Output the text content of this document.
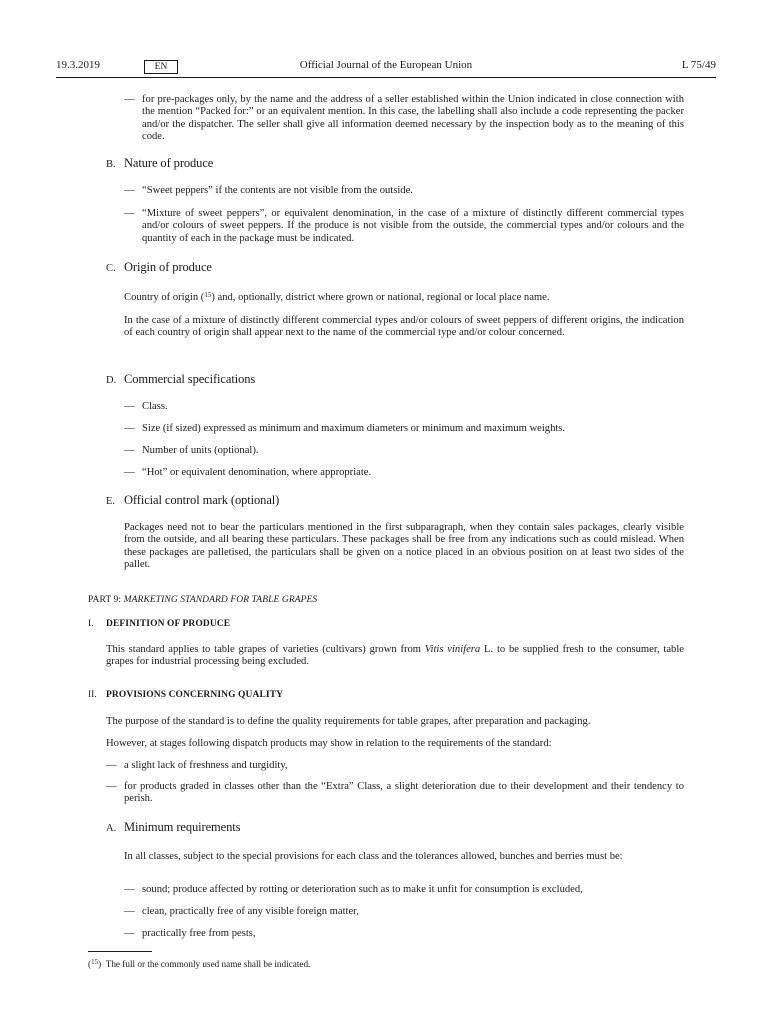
19.3.2019	EN	Official Journal of the European Union	L 75/49
— for pre-packages only, by the name and the address of a seller established within the Union indicated in close connection with the mention “Packed for:” or an equivalent mention. In this case, the labelling shall also include a code representing the packer and/or the dispatcher. The seller shall give all information deemed necessary by the inspection body as to the meaning of this code.
B. Nature of produce
— “Sweet peppers” if the contents are not visible from the outside.
— “Mixture of sweet peppers”, or equivalent denomination, in the case of a mixture of distinctly different commercial types and/or colours of sweet peppers. If the produce is not visible from the outside, the commercial types and/or colours and the quantity of each in the package must be indicated.
C. Origin of produce
Country of origin ($^{15}$) and, optionally, district where grown or national, regional or local place name.
In the case of a mixture of distinctly different commercial types and/or colours of sweet peppers of different origins, the indication of each country of origin shall appear next to the name of the commercial type and/or colour concerned.
D. Commercial specifications
— Class.
— Size (if sized) expressed as minimum and maximum diameters or minimum and maximum weights.
— Number of units (optional).
— “Hot” or equivalent denomination, where appropriate.
E. Official control mark (optional)
Packages need not to bear the particulars mentioned in the first subparagraph, when they contain sales packages, clearly visible from the outside, and all bearing these particulars. These packages shall be free from any indications such as could mislead. When these packages are palletised, the particulars shall be given on a notice placed in an obvious position on at least two sides of the pallet.
PART 9: MARKETING STANDARD FOR TABLE GRAPES
I. DEFINITION OF PRODUCE
This standard applies to table grapes of varieties (cultivars) grown from Vitis vinifera L. to be supplied fresh to the consumer, table grapes for industrial processing being excluded.
II. PROVISIONS CONCERNING QUALITY
The purpose of the standard is to define the quality requirements for table grapes, after preparation and packaging.
However, at stages following dispatch products may show in relation to the requirements of the standard:
— a slight lack of freshness and turgidity,
— for products graded in classes other than the “Extra” Class, a slight deterioration due to their development and their tendency to perish.
A. Minimum requirements
In all classes, subject to the special provisions for each class and the tolerances allowed, bunches and berries must be:
— sound; produce affected by rotting or deterioration such as to make it unfit for consumption is excluded,
— clean, practically free of any visible foreign matter,
— practically free from pests,
($^{15}$) The full or the commonly used name shall be indicated.
